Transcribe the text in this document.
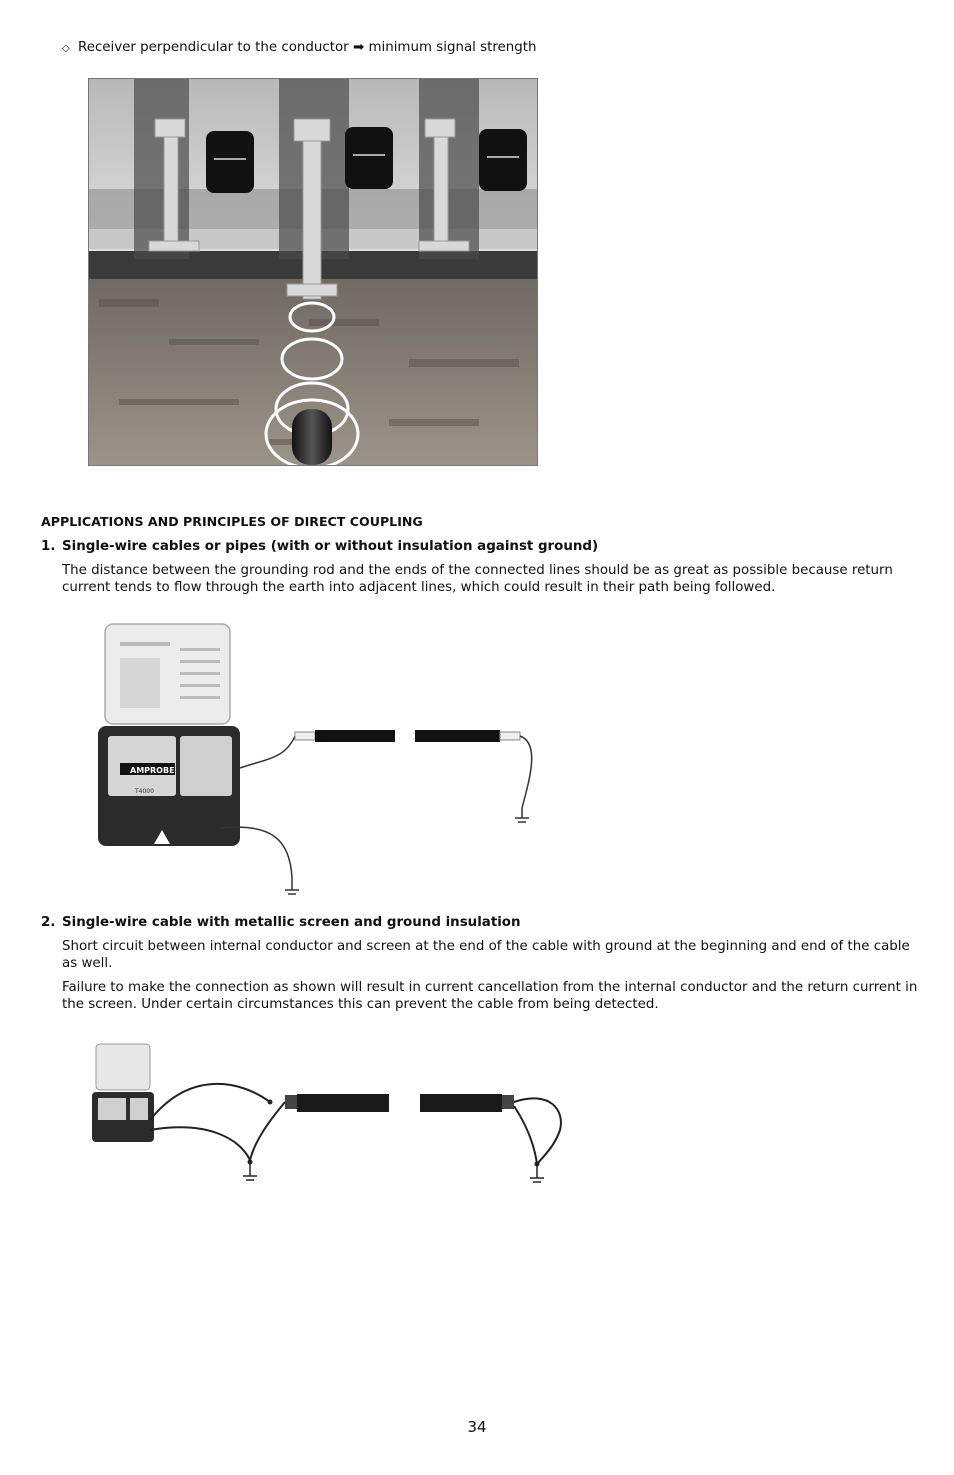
◇ Receiver perpendicular to the conductor ➡ minimum signal strength
APPLICATIONS AND PRINCIPLES OF DIRECT COUPLING
1. Single-wire cables or pipes (with or without insulation against ground)
The distance between the grounding rod and the ends of the connected lines should be as great as possible because return current tends to flow through the earth into adjacent lines, which could result in their path being followed.
AMPROBE
T4000
2. Single-wire cable with metallic screen and ground insulation
Short circuit between internal conductor and screen at the end of the cable with ground at the beginning and end of the cable as well.
Failure to make the connection as shown will result in current cancellation from the internal conductor and the return current in the screen. Under certain circumstances this can prevent the cable from being detected.
34
